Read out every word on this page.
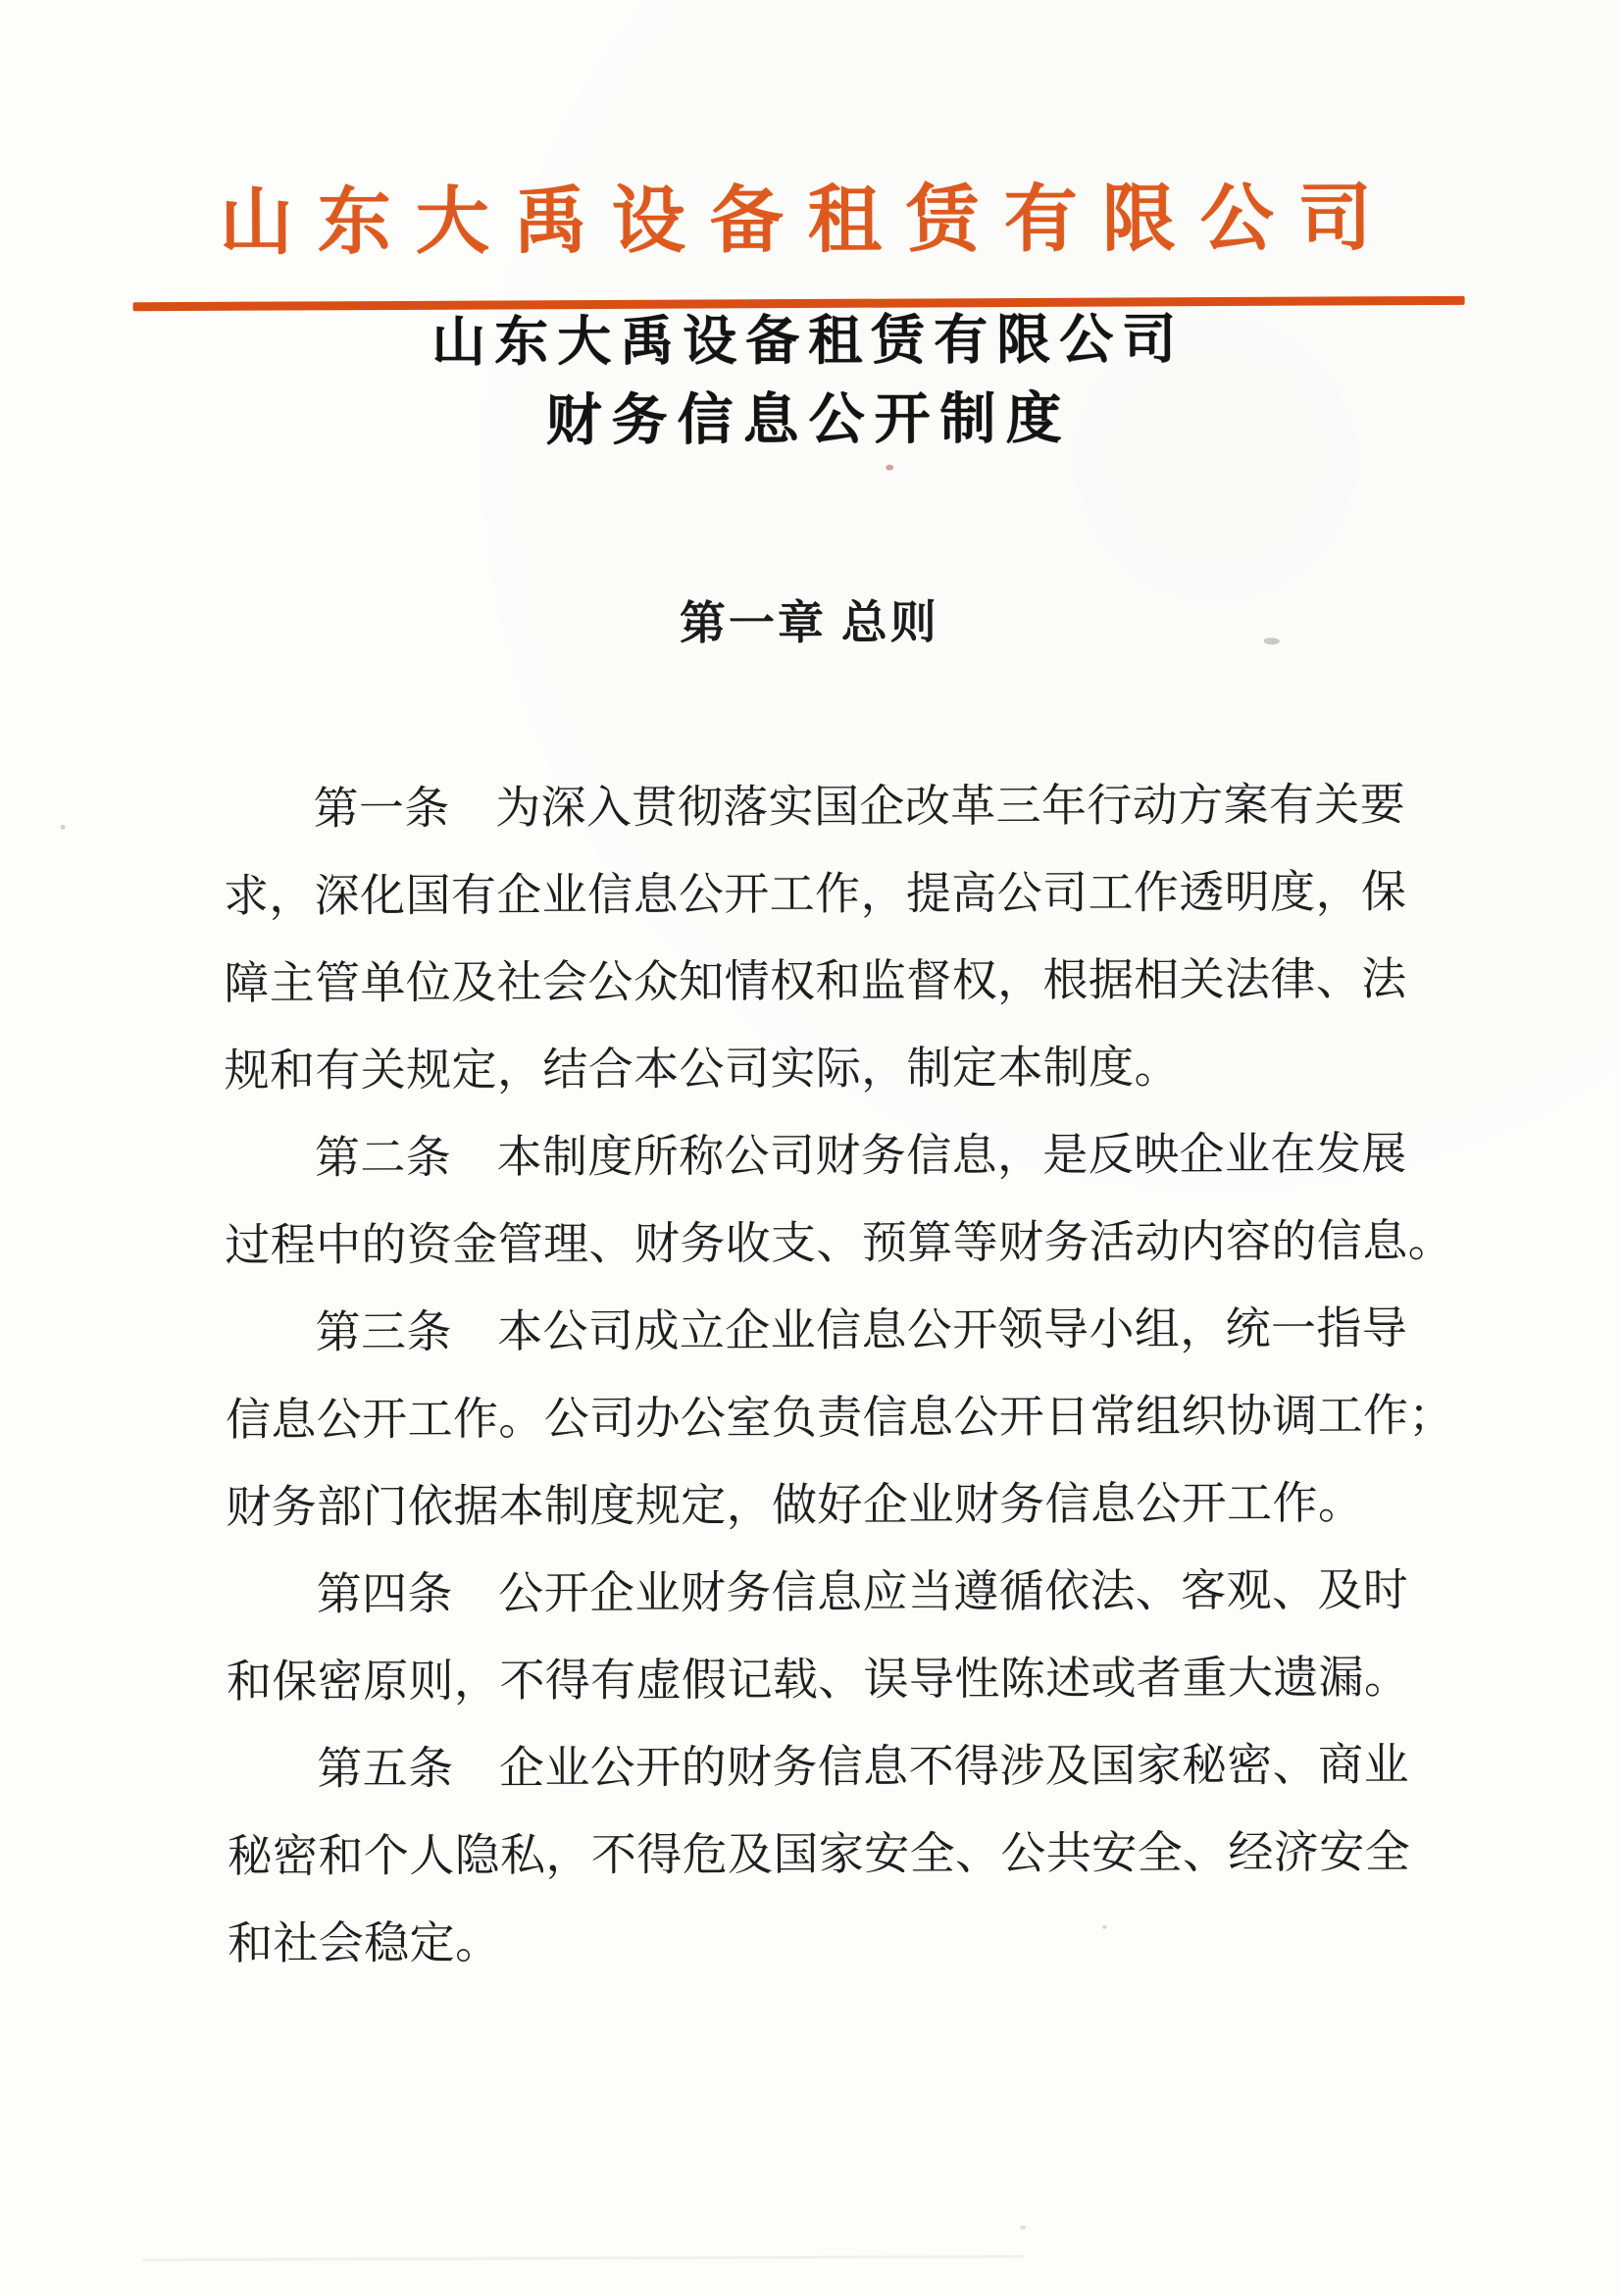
山东大禹设备租赁有限公司
山东大禹设备租赁有限公司
财务信息公开制度
第一章 总则

第一条　为深入贯彻落实国企改革三年行动方案有关要

求，深化国有企业信息公开工作，提高公司工作透明度，保

障主管单位及社会公众知情权和监督权，根据相关法律、法

规和有关规定，结合本公司实际，制定本制度。

第二条　本制度所称公司财务信息，是反映企业在发展

过程中的资金管理、财务收支、预算等财务活动内容的信息。

第三条　本公司成立企业信息公开领导小组，统一指导

信息公开工作。公司办公室负责信息公开日常组织协调工作；

财务部门依据本制度规定，做好企业财务信息公开工作。

第四条　公开企业财务信息应当遵循依法、客观、及时

和保密原则，不得有虚假记载、误导性陈述或者重大遗漏。

第五条　企业公开的财务信息不得涉及国家秘密、商业

秘密和个人隐私，不得危及国家安全、公共安全、经济安全

和社会稳定。
